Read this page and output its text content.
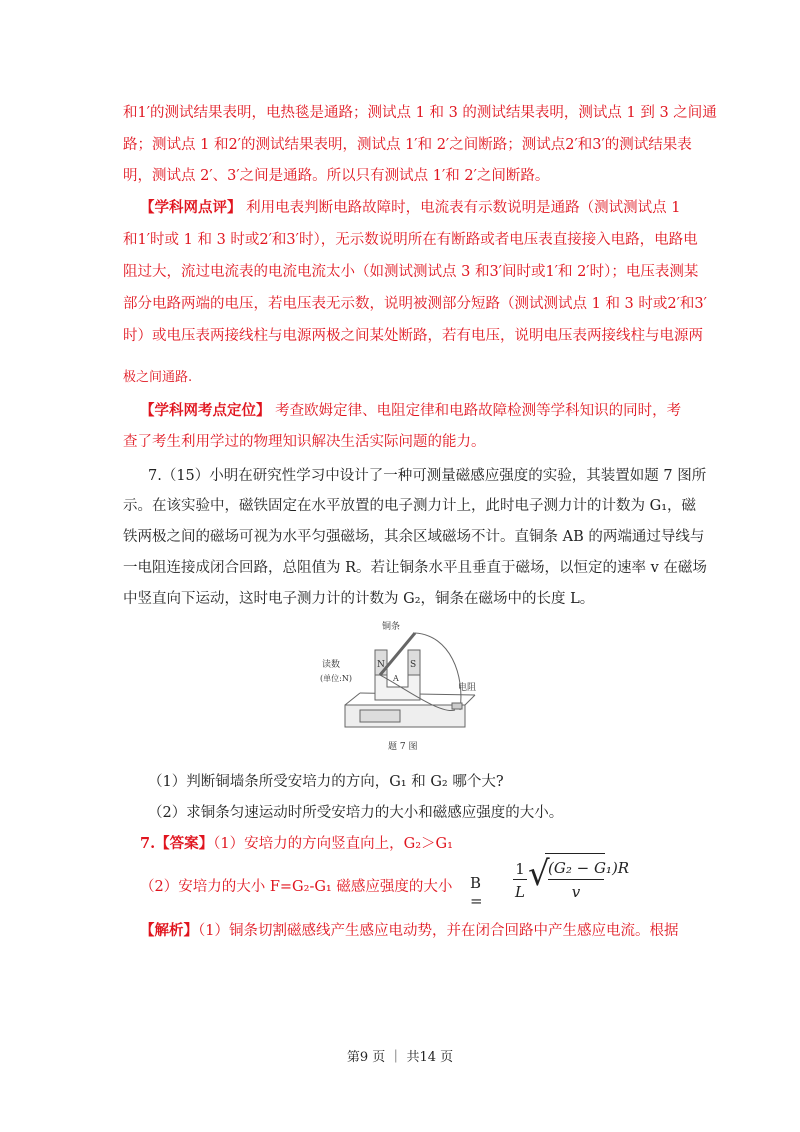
和1′的测试结果表明，电热毯是通路；测试点 1 和 3 的测试结果表明，测试点 1 到 3 之间通
路；测试点 1 和2′的测试结果表明，测试点 1′和 2′之间断路；测试点2′和3′的测试结果表
明，测试点 2′、3′之间是通路。所以只有测试点 1′和 2′之间断路。
【学科网点评】 利用电表判断电路故障时，电流表有示数说明是通路（测试测试点 1
和1′时或 1 和 3 时或2′和3′时），无示数说明所在有断路或者电压表直接接入电路，电路电
阻过大，流过电流表的电流电流太小（如测试测试点 3 和3′间时或1′和 2′时）；电压表测某
部分电路两端的电压，若电压表无示数，说明被测部分短路（测试测试点 1 和 3 时或2′和3′
时）或电压表两接线柱与电源两极之间某处断路，若有电压，说明电压表两接线柱与电源两
极之间通路.
【学科网考点定位】 考查欧姆定律、电阻定律和电路故障检测等学科知识的同时，考
查了考生利用学过的物理知识解决生活实际问题的能力。
7.（15）小明在研究性学习中设计了一种可测量磁感应强度的实验，其装置如题 7 图所
示。在该实验中，磁铁固定在水平放置的电子测力计上，此时电子测力计的计数为 G₁，磁
铁两极之间的磁场可视为水平匀强磁场，其余区域磁场不计。直铜条 AB 的两端通过导线与
一电阻连接成闭合回路，总阻值为 R。若让铜条水平且垂直于磁场，以恒定的速率 v 在磁场
中竖直向下运动，这时电子测力计的计数为 G₂，铜条在磁场中的长度 L。
铜条
读数
(单位:N)
N	S
A
电阻
题 7 图
（1）判断铜墙条所受安培力的方向，G₁ 和 G₂ 哪个大?
（2）求铜条匀速运动时所受安培力的大小和磁感应强度的大小。
7.【答案】（1）安培力的方向竖直向上，G₂＞G₁
（2）安培力的大小 F=G₂-G₁ 磁感应强度的大小 B =
1
L √
(G₂ − G₁)R
v
【解析】（1）铜条切割磁感线产生感应电动势，并在闭合回路中产生感应电流。根据
第9 页 ｜ 共14 页
